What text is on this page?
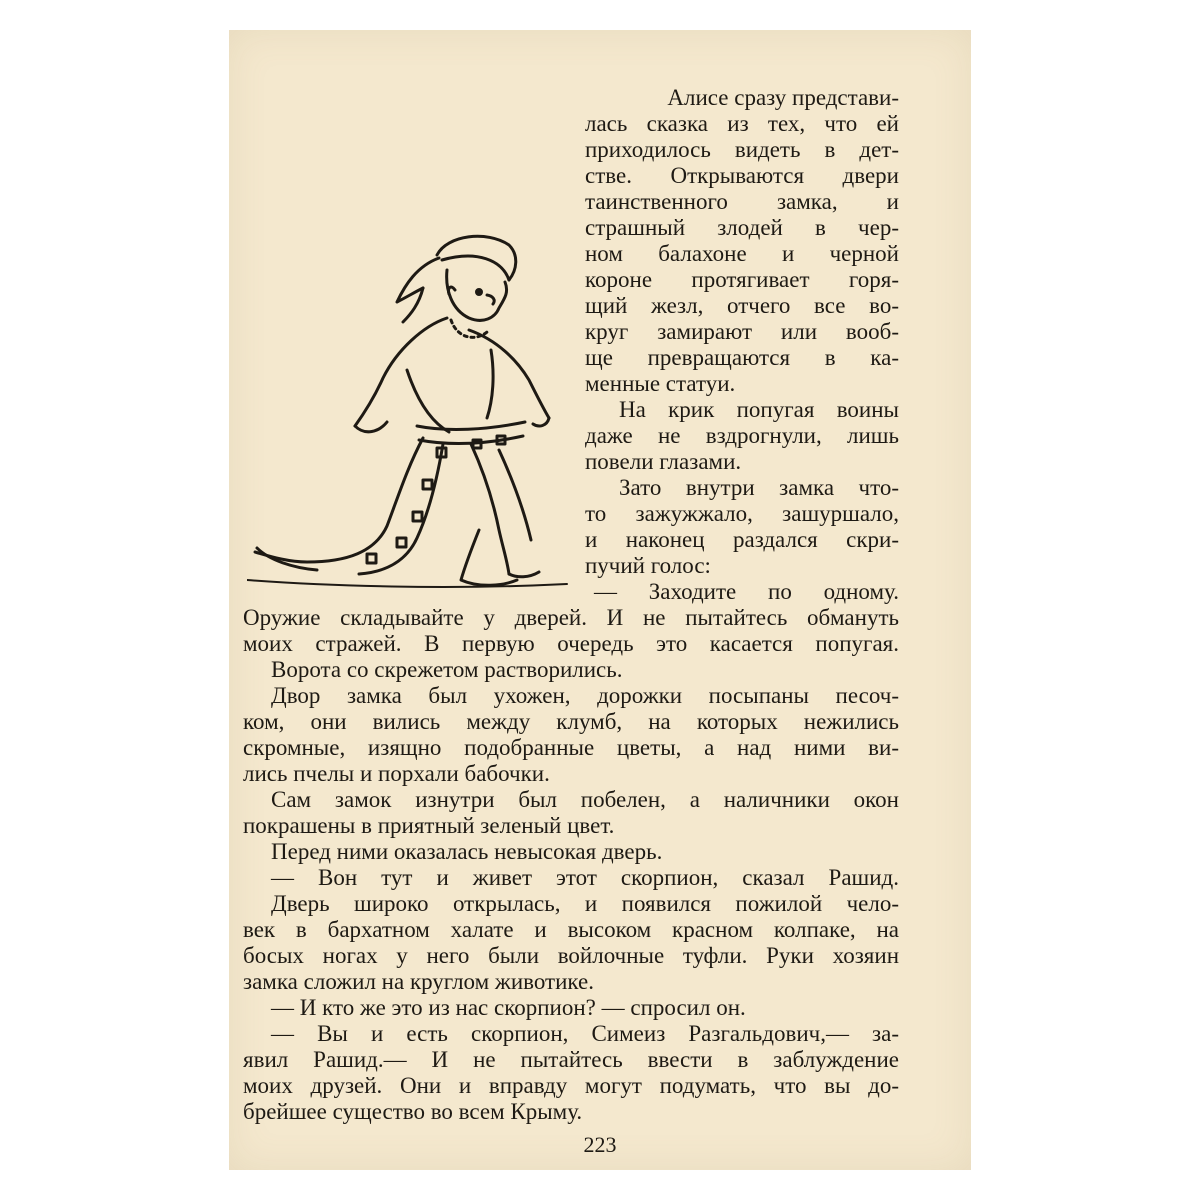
Алисе сразу представи-
лась сказка из тех, что ей
приходилось видеть в дет-
стве. Открываются двери
таинственного замка, и
страшный злодей в чер-
ном балахоне и черной
короне протягивает горя-
щий жезл, отчего все во-
круг замирают или вооб-
ще превращаются в ка-
менные статуи.
На крик попугая воины
даже не вздрогнули, лишь
повели глазами.
Зато внутри замка что-
то зажужжало, зашуршало,
и наконец раздался скри-
пучий голос:
— Заходите по одному.
Оружие складывайте у дверей. И не пытайтесь обмануть
моих стражей. В первую очередь это касается попугая.
Ворота со скрежетом растворились.
Двор замка был ухожен, дорожки посыпаны песоч-
ком, они вились между клумб, на которых нежились
скромные, изящно подобранные цветы, а над ними ви-
лись пчелы и порхали бабочки.
Сам замок изнутри был побелен, а наличники окон
покрашены в приятный зеленый цвет.
Перед ними оказалась невысокая дверь.
— Вон тут и живет этот скорпион, сказал Рашид.
Дверь широко открылась, и появился пожилой чело-
век в бархатном халате и высоком красном колпаке, на
босых ногах у него были войлочные туфли. Руки хозяин
замка сложил на круглом животике.
— И кто же это из нас скорпион? — спросил он.
— Вы и есть скорпион, Симеиз Разгальдович,— за-
явил Рашид.— И не пытайтесь ввести в заблуждение
моих друзей. Они и вправду могут подумать, что вы до-
брейшее существо во всем Крыму.
223
